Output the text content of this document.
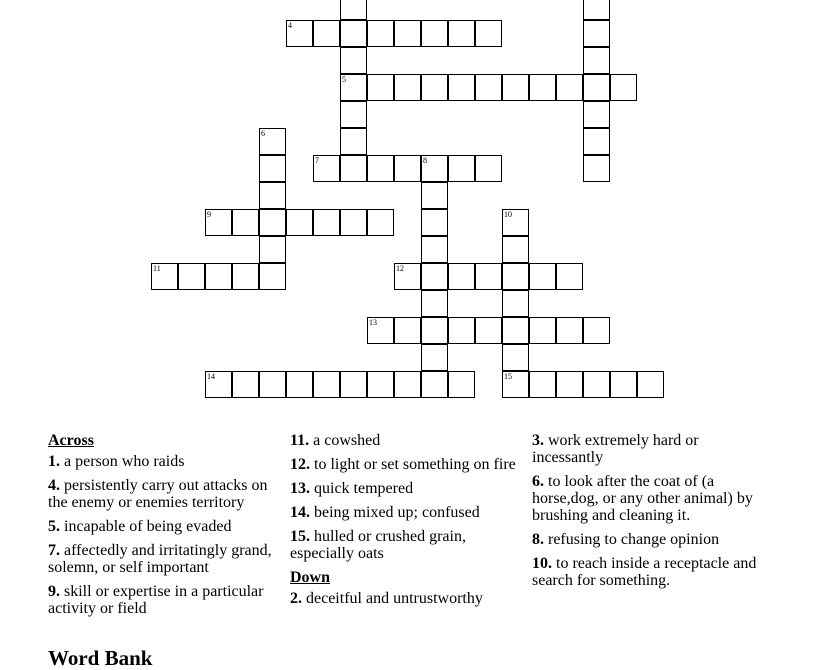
5
4
6
7	8
9	10
15
11	12
13
14
Across
1. a person who raids
4. persistently carry out attacks on the enemy or enemies territory
5. incapable of being evaded
7. affectedly and irritatingly grand, solemn, or self important
9. skill or expertise in a particular activity or field
11. a cowshed
12. to light or set something on fire
13. quick tempered
14. being mixed up; confused
15. hulled or crushed grain, especially oats
Down
2. deceitful and untrustworthy
3. work extremely hard or incessantly
6. to look after the coat of (a horse,dog, or any other animal) by brushing and cleaning it.
8. refusing to change opinion
10. to reach inside a receptacle and search for something.
Word Bank
